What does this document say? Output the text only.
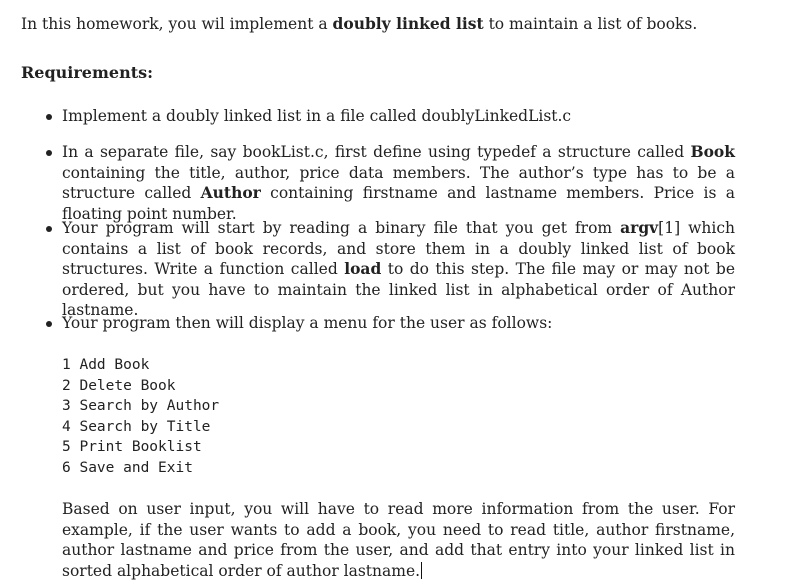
In this homework, you wil implement a doubly linked list to maintain a list of books.

Requirements:

Implement a doubly linked list in a file called doublyLinkedList.c

In a separate file, say bookList.c, first define using typedef a structure called Book containing the title, author, price data members. The author’s type has to be a structure called Author containing firstname and lastname members. Price is a floating point number.

Your program will start by reading a binary file that you get from argv[1] which contains a list of book records, and store them in a doubly linked list of book structures. Write a function called load to do this step. The file may or may not be ordered, but you have to maintain the linked list in alphabetical order of Author lastname.

Your program then will display a menu for the user as follows:

1 Add Book
2 Delete Book
3 Search by Author
4 Search by Title
5 Print Booklist
6 Save and Exit

Based on user input, you will have to read more information from the user. For example, if the user wants to add a book, you need to read title, author firstname, author lastname and price from the user, and add that entry into your linked list in sorted alphabetical order of author lastname.
